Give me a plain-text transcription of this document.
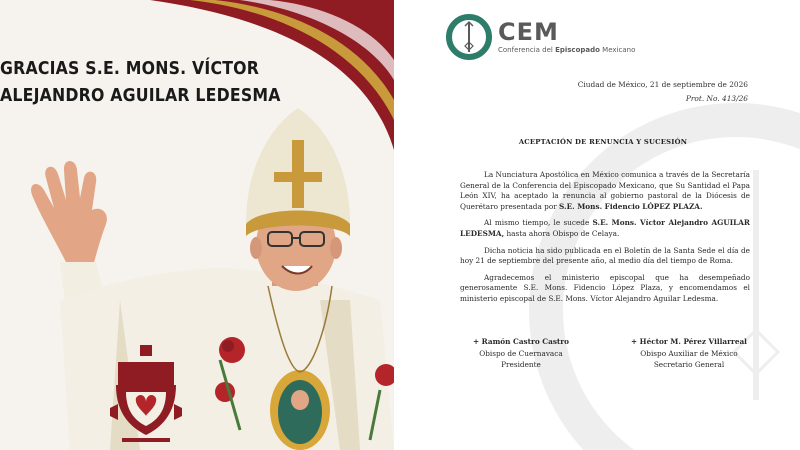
GRACIAS S.E. MONS. VÍCTOR
ALEJANDRO AGUILAR LEDESMA
CEM
Conferencia del Episcopado Mexicano
Ciudad de México, 21 de septiembre de 2026
Prot. No. 413/26
ACEPTACIÓN DE RENUNCIA Y SUCESIÓN

La Nunciatura Apostólica en México comunica a través de la Secretaría General de la Conferencia del Episcopado Mexicano, que Su Santidad el Papa León XIV, ha aceptado la renuncia al gobierno pastoral de la Diócesis de Querétaro presentada por S.E. Mons. Fidencio LÓPEZ PLAZA.

Al mismo tiempo, le sucede S.E. Mons. Víctor Alejandro AGUILAR LEDESMA, hasta ahora Obispo de Celaya.

Dicha noticia ha sido publicada en el Boletín de la Santa Sede el día de hoy 21 de septiembre del presente año, al medio día del tiempo de Roma.

Agradecemos el ministerio episcopal que ha desempeñado generosamente S.E. Mons. Fidencio López Plaza, y encomendamos el ministerio episcopal de S.E. Mons. Víctor Alejandro Aguilar Ledesma.

+ Ramón Castro Castro
Obispo de Cuernavaca
Presidente
+ Héctor M. Pérez Villarreal
Obispo Auxiliar de México
Secretario General
